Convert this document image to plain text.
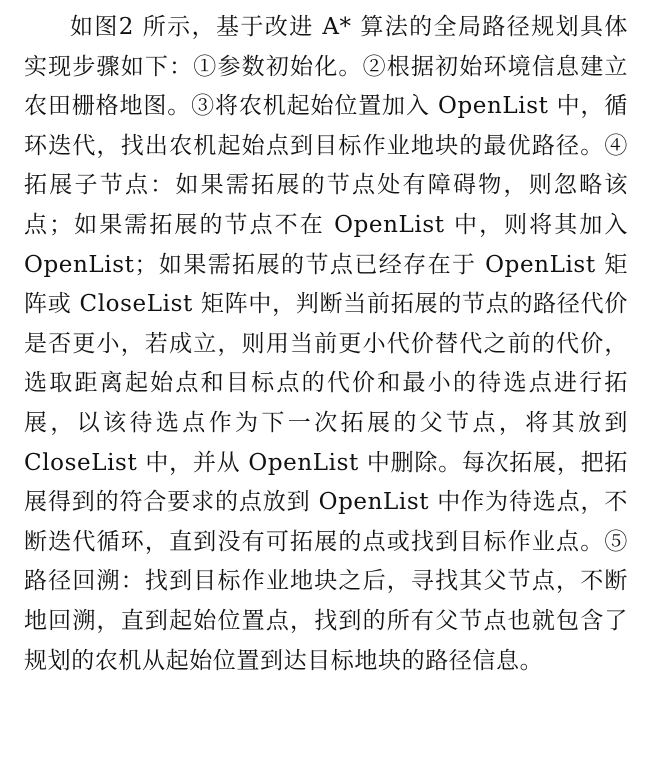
如图2 所示，基于改进 A* 算法的全局路径规划具体实现步骤如下：①参数初始化。②根据初始环境信息建立农田栅格地图。③将农机起始位置加入 OpenList 中，循环迭代，找出农机起始点到目标作业地块的最优路径。④拓展子节点：如果需拓展的节点处有障碍物，则忽略该点；如果需拓展的节点不在 OpenList 中，则将其加入 OpenList；如果需拓展的节点已经存在于 OpenList 矩阵或 CloseList 矩阵中，判断当前拓展的节点的路径代价是否更小，若成立，则用当前更小代价替代之前的代价，选取距离起始点和目标点的代价和最小的待选点进行拓展，以该待选点作为下一次拓展的父节点，将其放到 CloseList 中，并从 OpenList 中删除。每次拓展，把拓展得到的符合要求的点放到 OpenList 中作为待选点，不断迭代循环，直到没有可拓展的点或找到目标作业点。⑤路径回溯：找到目标作业地块之后，寻找其父节点，不断地回溯，直到起始位置点，找到的所有父节点也就包含了规划的农机从起始位置到达目标地块的路径信息。
